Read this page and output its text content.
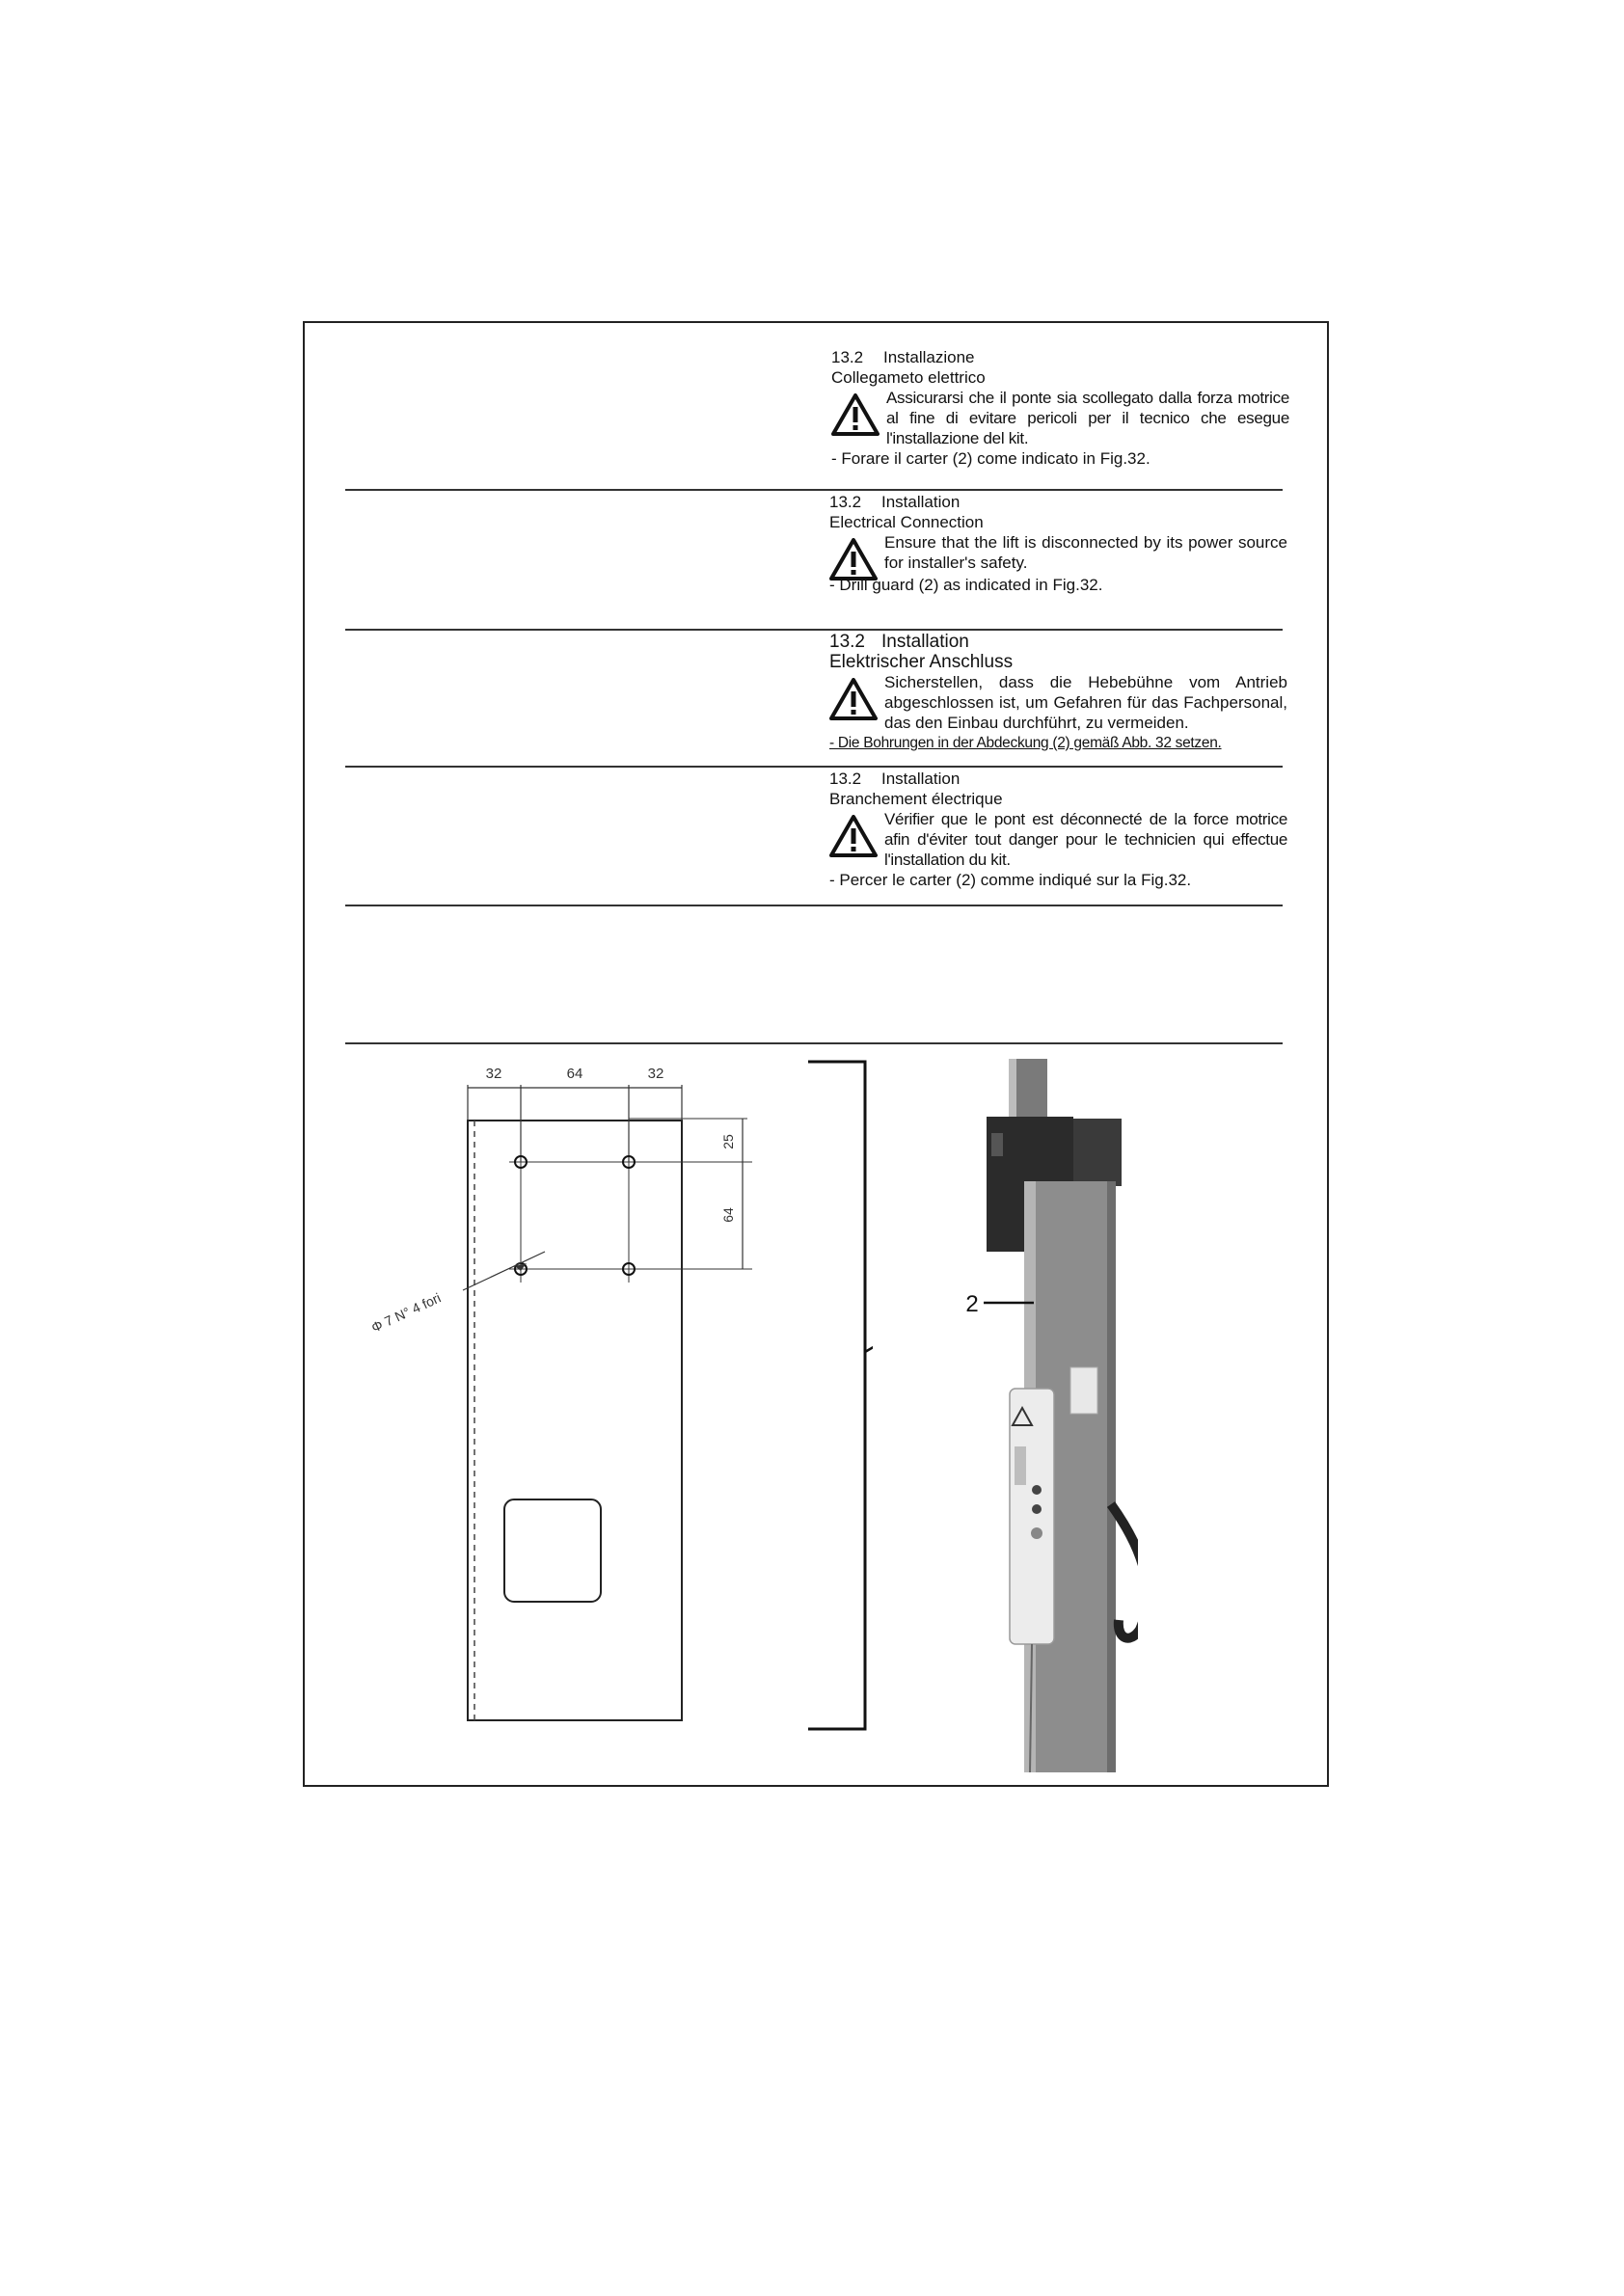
13.2 Installazione
Collegameto elettrico
Assicurarsi che il ponte sia scollegato dalla forza motrice al fine di evitare pericoli per il tecnico che esegue l'installazione del kit.
- Forare il carter (2) come indicato in Fig.32.
13.2 Installation
Electrical Connection
Ensure that the lift is disconnected by its power source for installer's safety.
- Drill guard (2) as indicated in Fig.32.
13.2 Installation
Elektrischer Anschluss
Sicherstellen, dass die Hebebühne vom Antrieb abgeschlossen ist, um Gefahren für das Fachpersonal, das den Einbau durchführt, zu vermeiden.
- Die Bohrungen in der Abdeckung (2) gemäß Abb. 32 setzen.
13.2 Installation
Branchement électrique
Vérifier que le pont est déconnecté de la force motrice afin d'éviter tout danger pour le technicien qui effectue l'installation du kit.
- Percer le carter (2) comme indiqué sur la Fig.32.
32	64	32
25
64
Φ 7 N° 4 fori	2
